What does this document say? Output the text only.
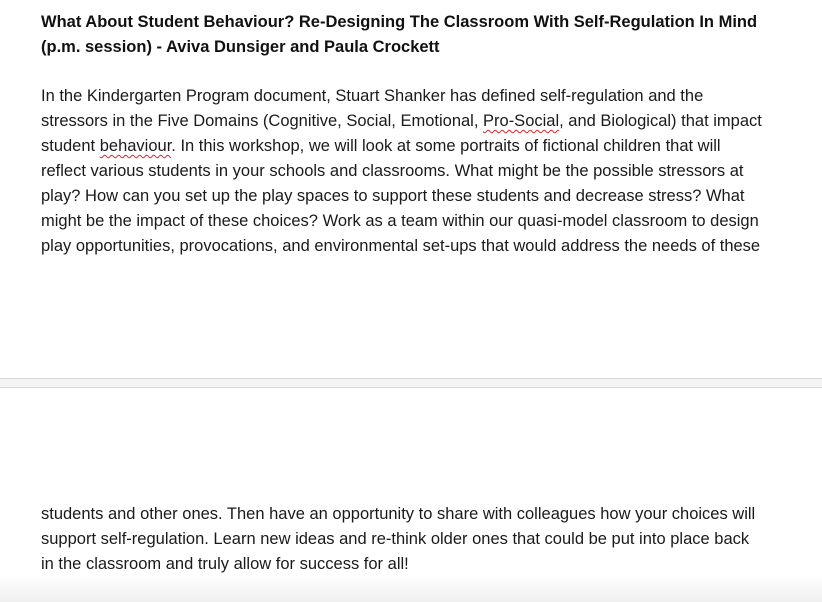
What About Student Behaviour? Re-Designing The Classroom With Self-Regulation In Mind (p.m. session) - Aviva Dunsiger and Paula Crockett

In the Kindergarten Program document, Stuart Shanker has defined self-regulation and the
stressors in the Five Domains (Cognitive, Social, Emotional, Pro-Social, and Biological) that impact
student behaviour. In this workshop, we will look at some portraits of fictional children that will
reflect various students in your schools and classrooms. What might be the possible stressors at
play? How can you set up the play spaces to support these students and decrease stress? What
might be the impact of these choices? Work as a team within our quasi-model classroom to design
play opportunities, provocations, and environmental set-ups that would address the needs of these

students and other ones. Then have an opportunity to share with colleagues how your choices will
support self-regulation. Learn new ideas and re-think older ones that could be put into place back
in the classroom and truly allow for success for all!
